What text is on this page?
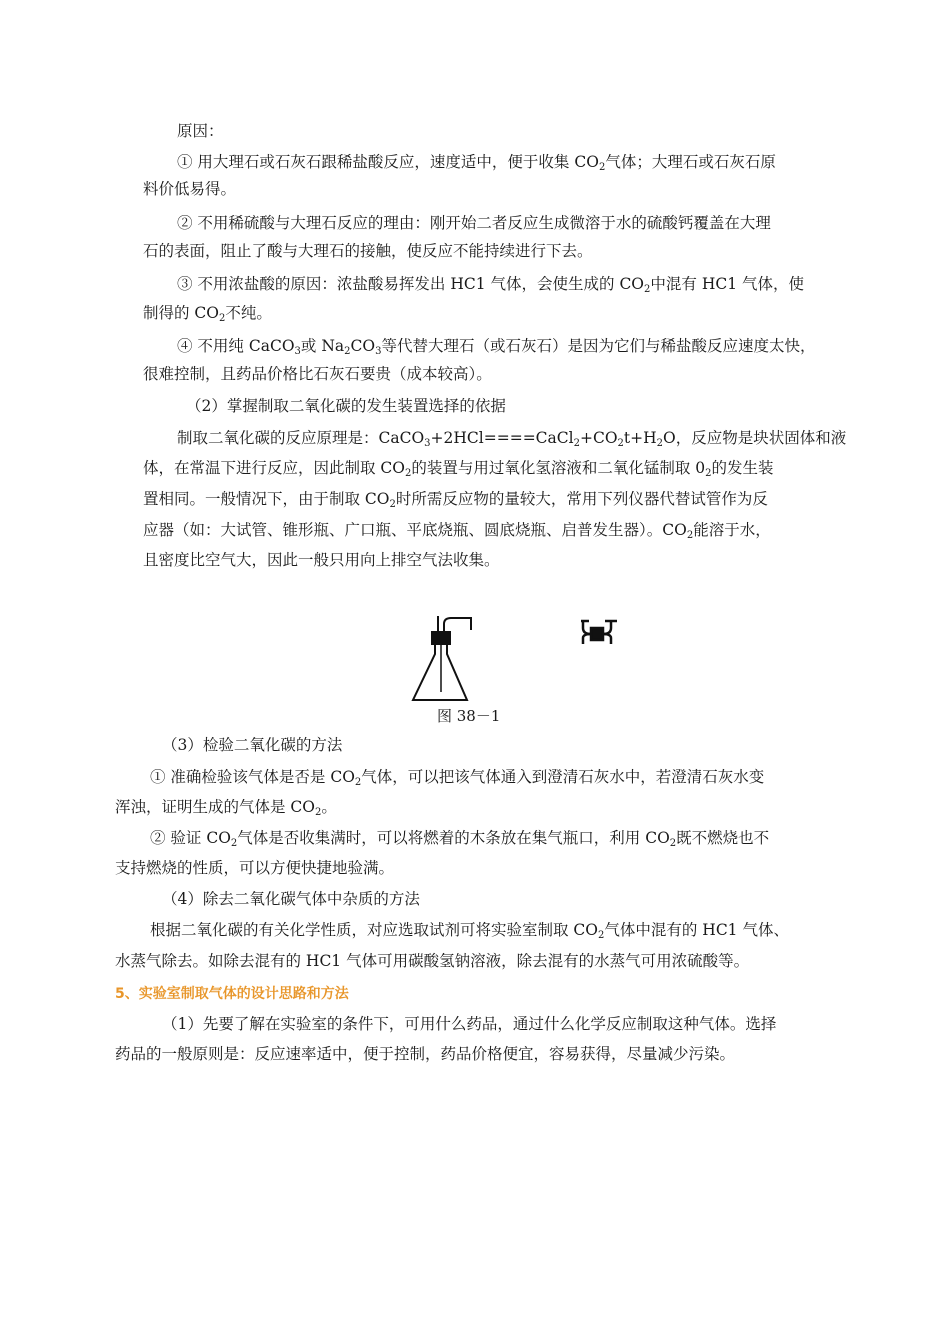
原因：
① 用大理石或石灰石跟稀盐酸反应，速度适中，便于收集 $CO_2$气体；大理石或石灰石原
料价低易得。
② 不用稀硫酸与大理石反应的理由：刚开始二者反应生成微溶于水的硫酸钙覆盖在大理
石的表面，阻止了酸与大理石的接触，使反应不能持续进行下去。
③ 不用浓盐酸的原因：浓盐酸易挥发出 HC1 气体，会使生成的 $CO_2$中混有 HC1 气体，使
制得的 $CO_2$不纯。
④ 不用纯 CaCO$_3$或 $Na_2CO_3$等代替大理石（或石灰石）是因为它们与稀盐酸反应速度太快，
很难控制，且药品价格比石灰石要贵（成本较高）。
（2）掌握制取二氧化碳的发生装置选择的依据
制取二氧化碳的反应原理是：$CaCO_3+2HCl====CaCl_2+CO_2t+H_2O$，反应物是块状固体和液
体，在常温下进行反应，因此制取 $CO_2$的装置与用过氧化氢溶液和二氧化锰制取 $0_2$的发生装
置相同。一般情况下，由于制取 $CO_2$时所需反应物的量较大，常用下列仪器代替试管作为反
应器（如：大试管、锥形瓶、广口瓶、平底烧瓶、圆底烧瓶、启普发生器）。$CO_2$能溶于水，
且密度比空气大，因此一般只用向上排空气法收集。
图 38－1
（3）检验二氧化碳的方法
① 准确检验该气体是否是 $CO_2$气体，可以把该气体通入到澄清石灰水中，若澄清石灰水变
浑浊，证明生成的气体是 $CO_2$。
② 验证 $CO_2$气体是否收集满时，可以将燃着的木条放在集气瓶口，利用 $CO_2$既不燃烧也不
支持燃烧的性质，可以方便快捷地验满。
（4）除去二氧化碳气体中杂质的方法
根据二氧化碳的有关化学性质，对应选取试剂可将实验室制取 $CO_2$气体中混有的 HC1 气体、
水蒸气除去。如除去混有的 HC1 气体可用碳酸氢钠溶液，除去混有的水蒸气可用浓硫酸等。
5、实验室制取气体的设计思路和方法
（1）先要了解在实验室的条件下，可用什么药品，通过什么化学反应制取这种气体。选择
药品的一般原则是：反应速率适中，便于控制，药品价格便宜，容易获得，尽量减少污染。
